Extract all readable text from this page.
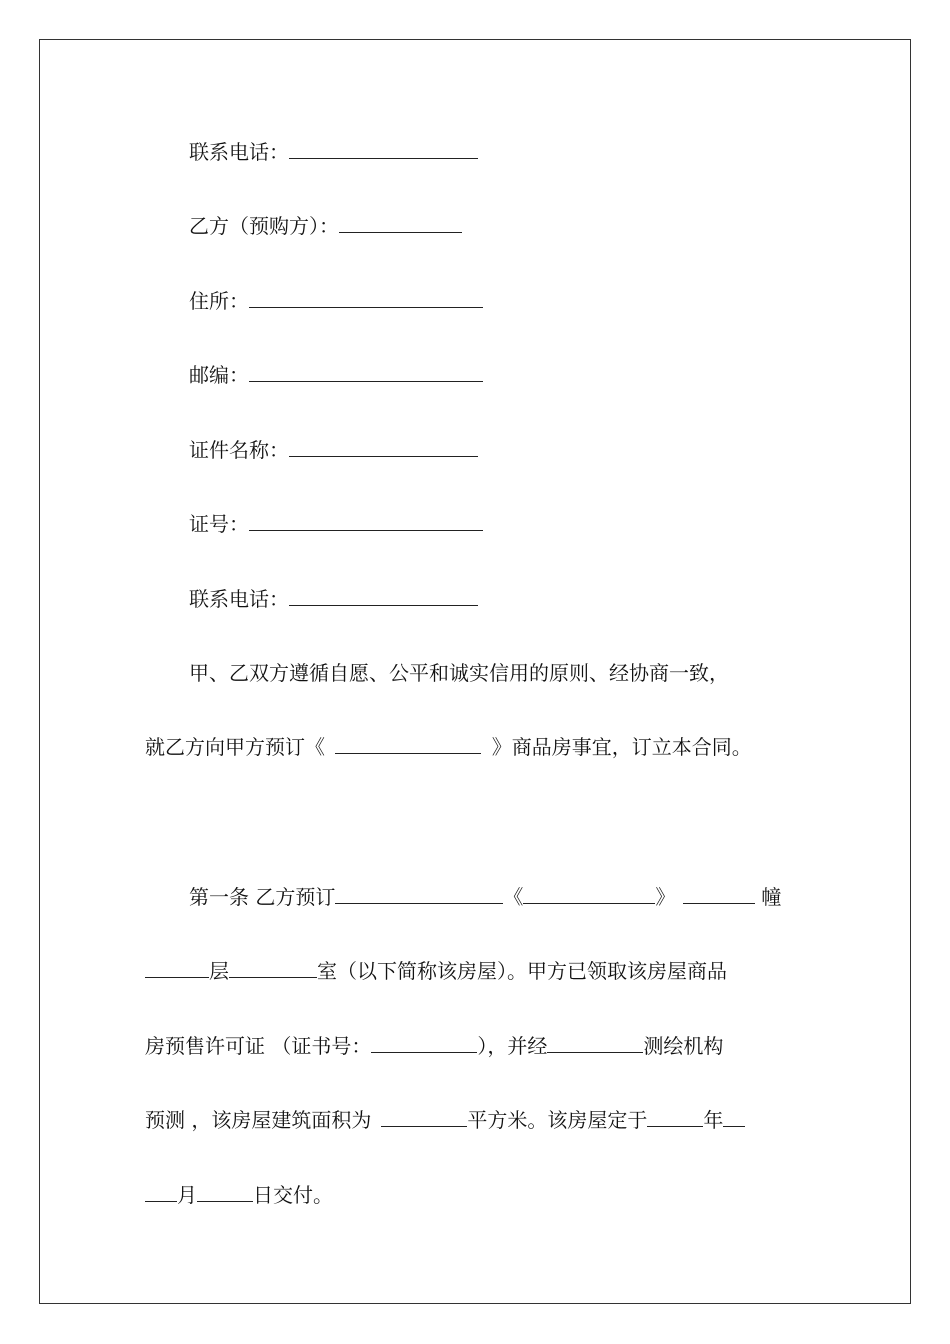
联系电话：
乙方（预购方）：
住所：
邮编：
证件名称：
证号：
联系电话：
甲、乙双方遵循自愿、公平和诚实信用的原则、经协商一致，
就乙方向甲方预订《	》商品房事宜，订立本合同。
第一条 乙方预订	《	》	幢
层	室（以下简称该房屋）。甲方已领取该房屋商品
房预售许可证 （证书号：	），并经	测绘机构
预测 ，该房屋建筑面积为	平方米。该房屋定于	年
月	日交付。
